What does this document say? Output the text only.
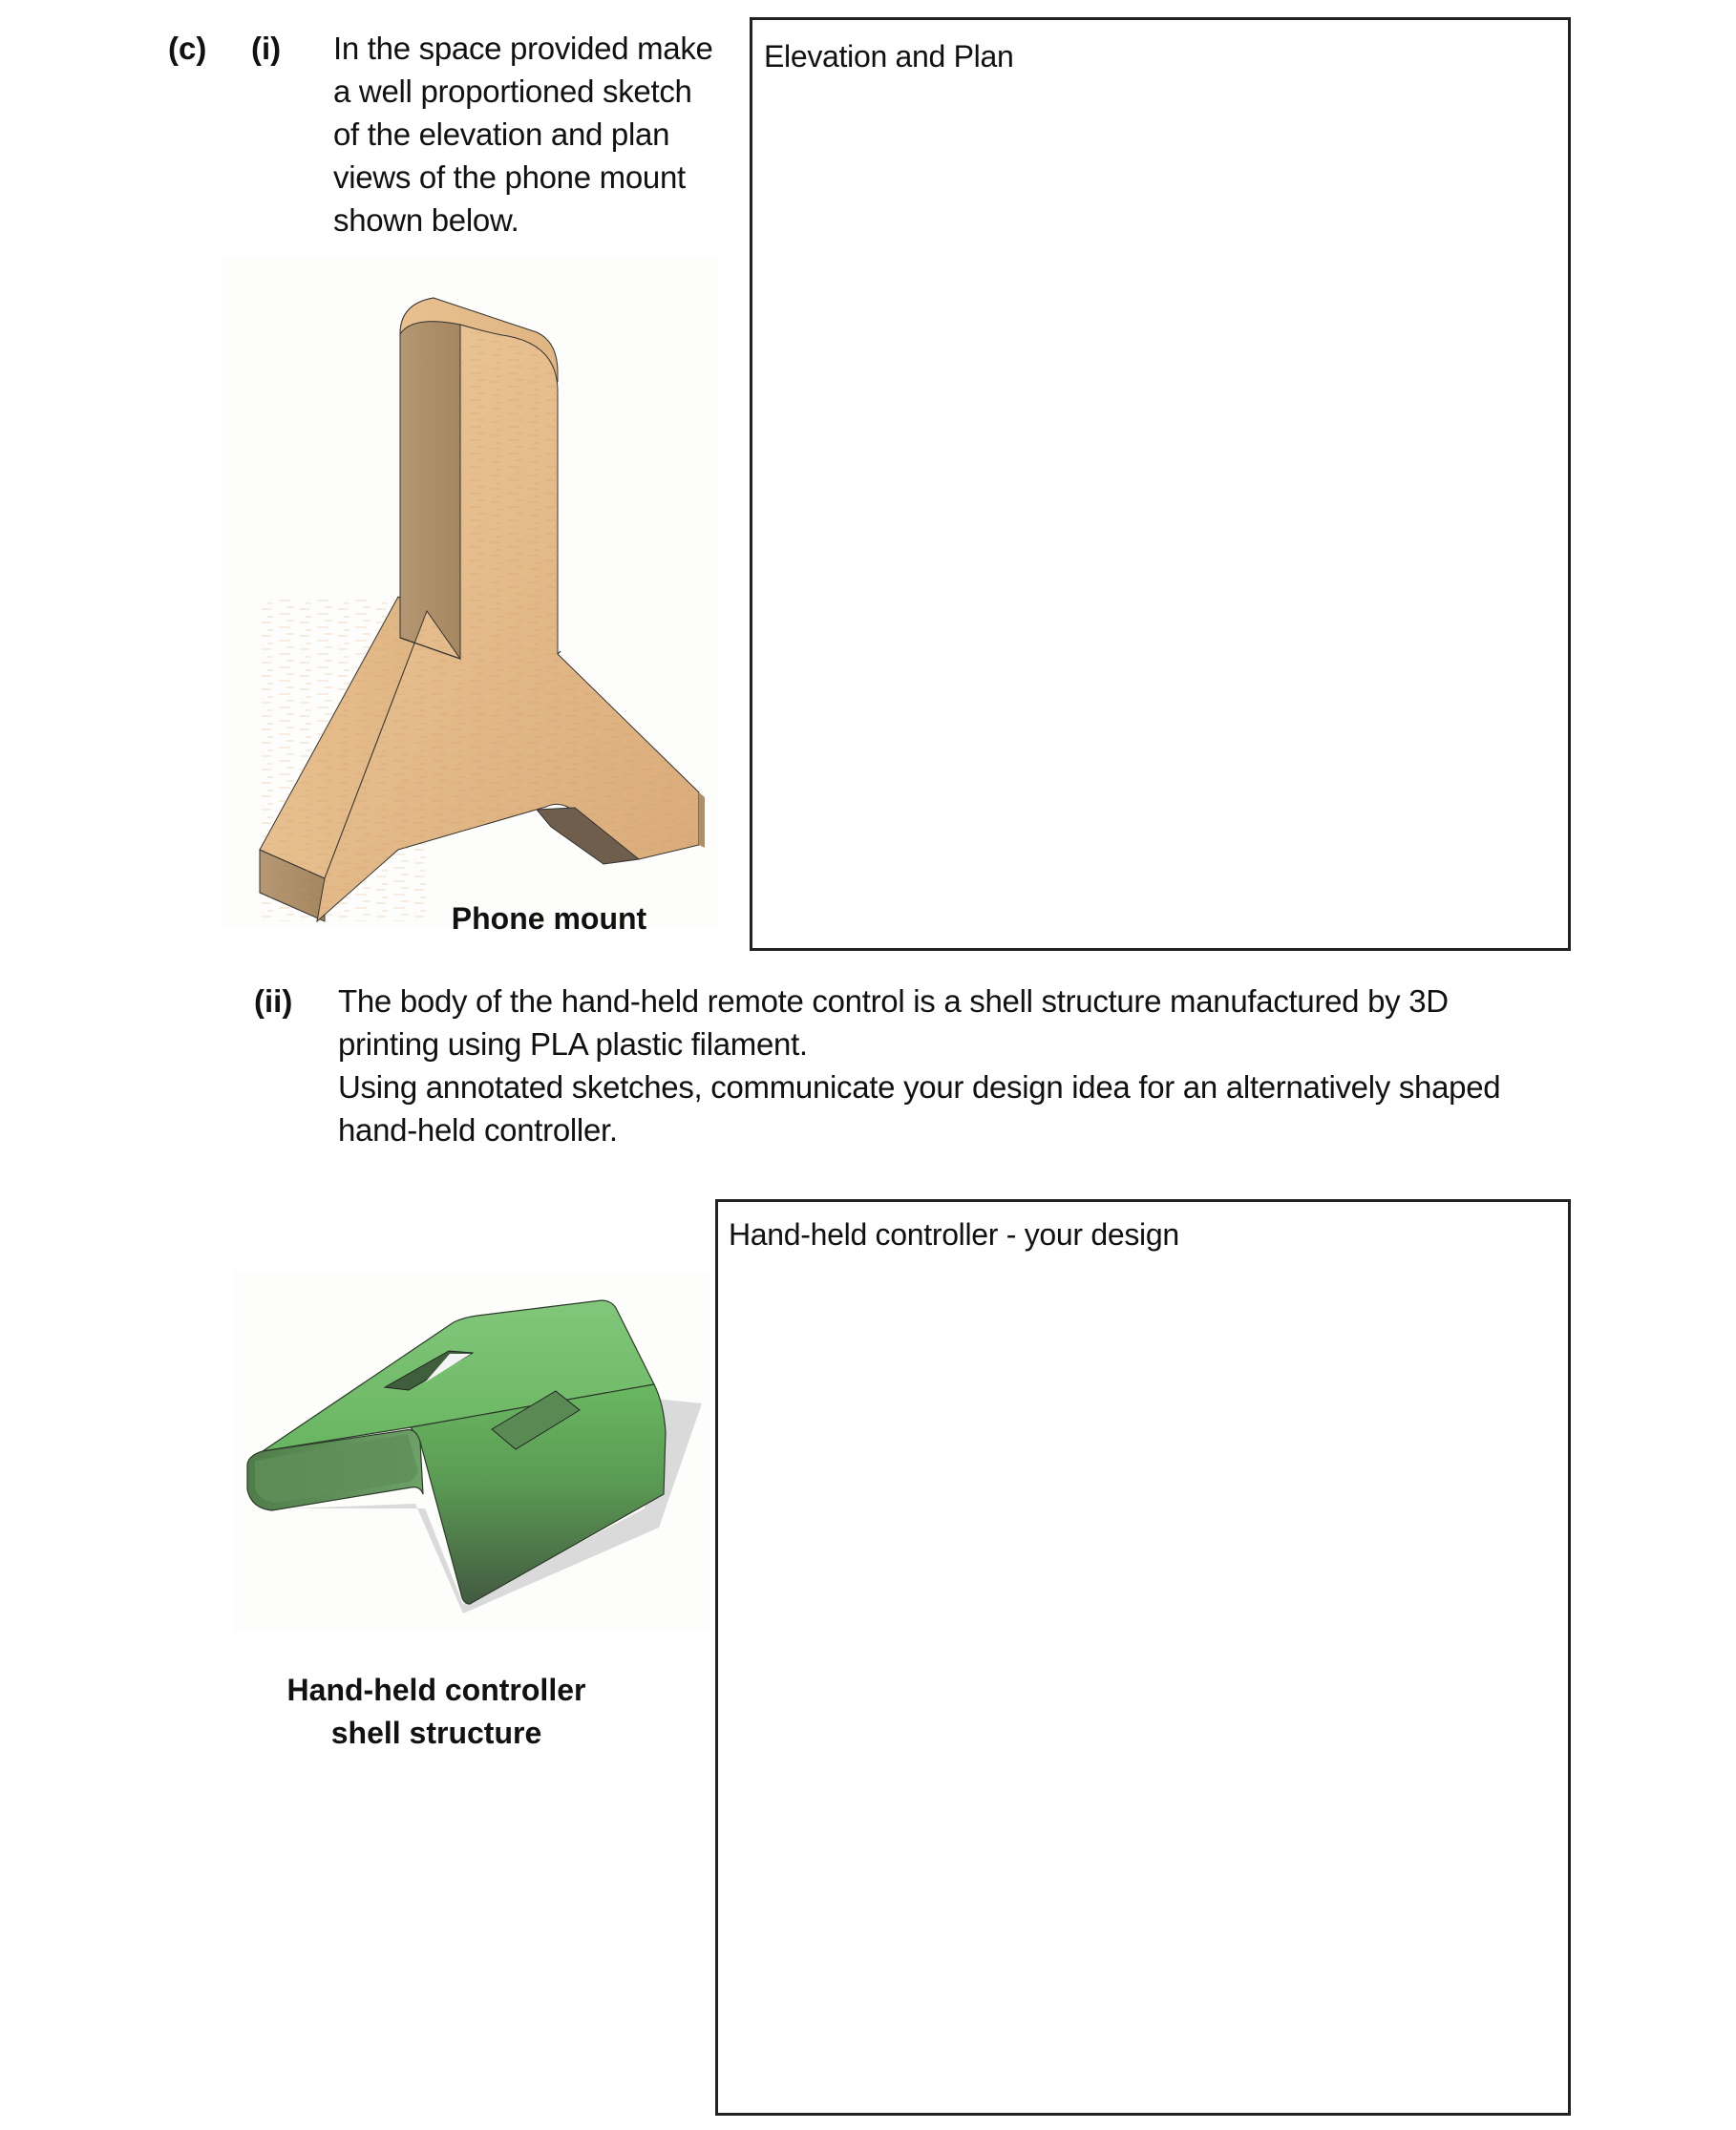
(c) (i) In the space provided make
a well proportioned sketch
of the elevation and plan
views of the phone mount
shown below.
Elevation and Plan
Phone mount
(ii) The body of the hand-held remote control is a shell structure manufactured by 3D
printing using PLA plastic filament.
Using annotated sketches, communicate your design idea for an alternatively shaped
hand-held controller.
Hand-held controller - your design
Hand-held controller
shell structure
